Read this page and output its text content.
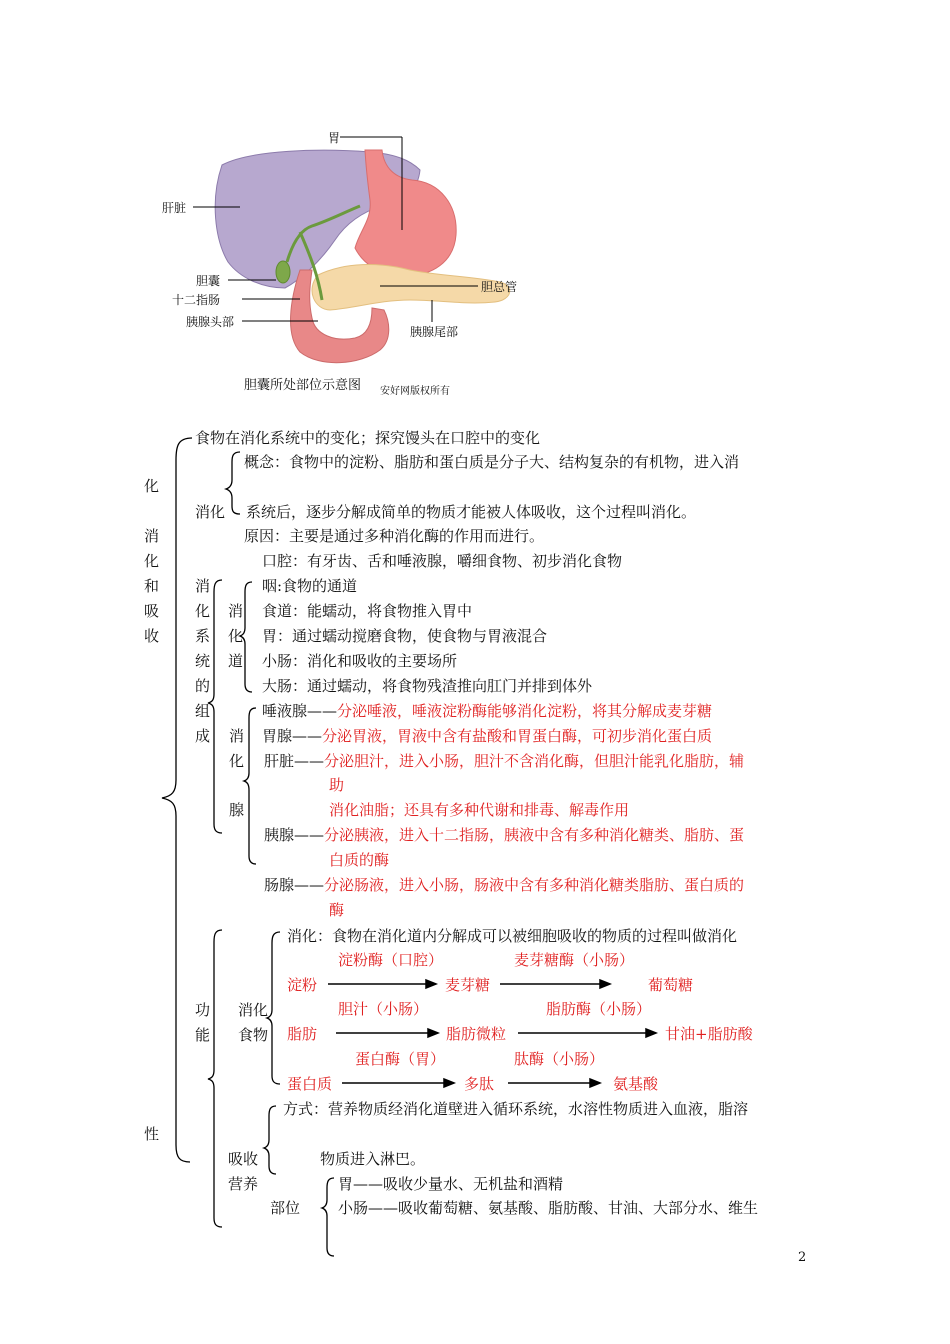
胃
肝脏
胆囊
十二指肠
胰腺头部
胆总管
胰腺尾部
胆囊所处部位示意图 安好网版权所有
化
消
化
和
吸
收
性
食物在消化系统中的变化；探究馒头在口腔中的变化
概念：食物中的淀粉、脂肪和蛋白质是分子大、结构复杂的有机物，进入消
消化 系统后，逐步分解成简单的物质才能被人体吸收，这个过程叫消化。
原因：主要是通过多种消化酶的作用而进行。
口腔：有牙齿、舌和唾液腺，嚼细食物、初步消化食物
消
化
系
统
的
组
成
消
化
道
咽:食物的通道
食道：能蠕动，将食物推入胃中
胃：通过蠕动搅磨食物，使食物与胃液混合
小肠：消化和吸收的主要场所
大肠：通过蠕动，将食物残渣推向肛门并排到体外
消
化
腺
唾液腺——分泌唾液，唾液淀粉酶能够消化淀粉，将其分解成麦芽糖
胃腺——分泌胃液，胃液中含有盐酸和胃蛋白酶，可初步消化蛋白质
肝脏——分泌胆汁，进入小肠，胆汁不含消化酶，但胆汁能乳化脂肪，辅
助
消化油脂；还具有多种代谢和排毒、解毒作用
胰腺——分泌胰液，进入十二指肠，胰液中含有多种消化糖类、脂肪、蛋
白质的酶
肠腺——分泌肠液，进入小肠，肠液中含有多种消化糖类脂肪、蛋白质的
酶
功
能
消化
食物
消化：食物在消化道内分解成可以被细胞吸收的物质的过程叫做消化
淀粉酶（口腔）	麦芽糖酶（小肠）
淀粉	麦芽糖	葡萄糖
胆汁（小肠）	脂肪酶（小肠）
脂肪	脂肪微粒	甘油+脂肪酸
蛋白酶（胃）	肽酶（小肠）
蛋白质	多肽	氨基酸
方式：营养物质经消化道壁进入循环系统，水溶性物质进入血液，脂溶
吸收
营养
物质进入淋巴。
部位
胃——吸收少量水、无机盐和酒精
小肠——吸收葡萄糖、氨基酸、脂肪酸、甘油、大部分水、维生
2
